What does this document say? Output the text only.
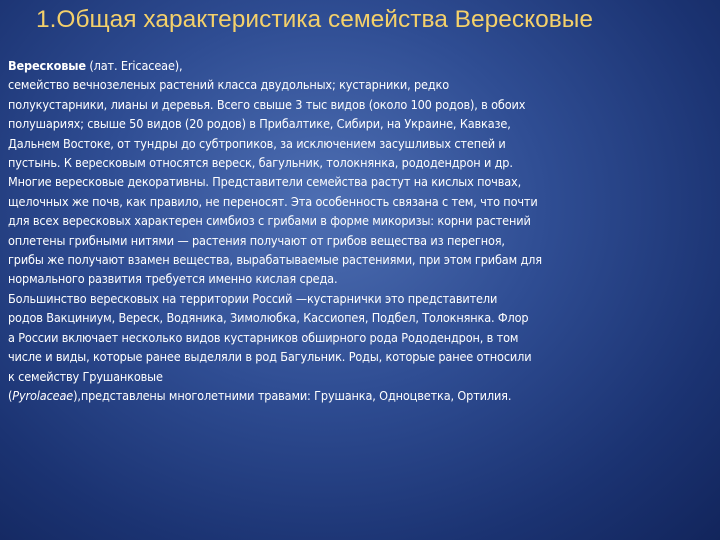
1.Общая характеристика семейства Вересковые
Вересковые (лат. Ericaceae),
семейство вечнозеленых растений класса двудольных; кустарники, редко
полукустарники, лианы и деревья. Всего свыше 3 тыс видов (около 100 родов), в обоих
полушариях; свыше 50 видов (20 родов) в Прибалтике, Сибири, на Украине, Кавказе,
Дальнем Востоке, от тундры до субтропиков, за исключением засушливых степей и
пустынь. К вересковым относятся вереск, багульник, толокнянка, рододендрон и др.
Многие вересковые декоративны. Представители семейства растут на кислых почвах,
щелочных же почв, как правило, не переносят. Эта особенность связана с тем, что почти
для всех вересковых характерен симбиоз с грибами в форме микоризы: корни растений
оплетены грибными нитями — растения получают от грибов вещества из перегноя,
грибы же получают взамен вещества, вырабатываемые растениями, при этом грибам для
нормального развития требуется именно кислая среда.
Большинство вересковых на территории Россий —кустарнички это представители
родов Вакциниум, Вереск, Водяника, Зимолюбка, Кассиопея, Подбел, Толокнянка. Флор
а России включает несколько видов кустарников обширного рода Рододендрон, в том
числе и виды, которые ранее выделяли в род Багульник. Роды, которые ранее относили
к семейству Грушанковые
(Pyrolaceae),представлены многолетними травами: Грушанка, Одноцветка, Ортилия.
